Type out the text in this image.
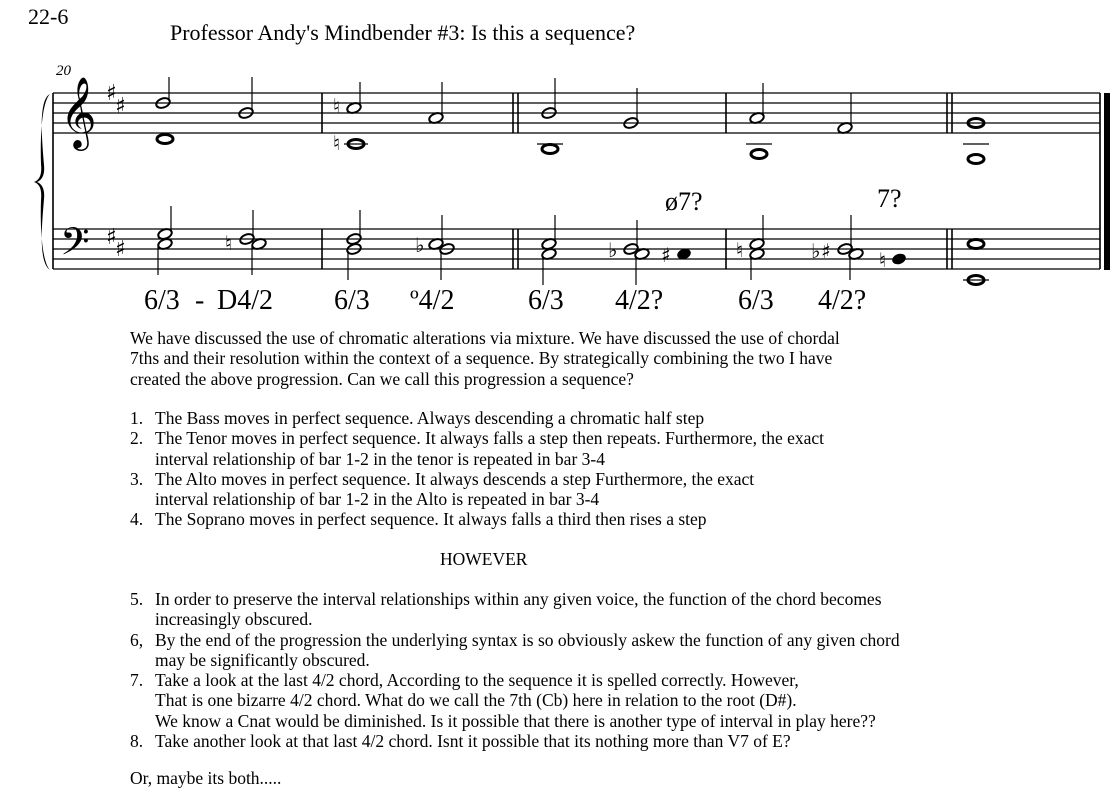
22-6
Professor Andy's Mindbender #3: Is this a sequence?
20
𝄞
𝄢
♯
♯
♯
♯
♮
♮
♮	♭	♭ ♯	♮	♭ ♯ ♮
ø7?	7?
6/3 - D4/2 6/3 º4/2	6/3 4/2?	6/3 4/2?
We have discussed the use of chromatic alterations via mixture. We have discussed the use of chordal
7ths and their resolution within the context of a sequence. By strategically combining the two I have
created the above progression. Can we call this progression a sequence?
1. The Bass moves in perfect sequence. Always descending a chromatic half step
2. The Tenor moves in perfect sequence. It always falls a step then repeats. Furthermore, the exact
interval relationship of bar 1-2 in the tenor is repeated in bar 3-4
3. The Alto moves in perfect sequence. It always descends a step Furthermore, the exact
interval relationship of bar 1-2 in the Alto is repeated in bar 3-4
4. The Soprano moves in perfect sequence. It always falls a third then rises a step
HOWEVER
5. In order to preserve the interval relationships within any given voice, the function of the chord becomes
increasingly obscured.
6, By the end of the progression the underlying syntax is so obviously askew the function of any given chord
may be significantly obscured.
7. Take a look at the last 4/2 chord, According to the sequence it is spelled correctly. However,
That is one bizarre 4/2 chord. What do we call the 7th (Cb) here in relation to the root (D#).
We know a Cnat would be diminished. Is it possible that there is another type of interval in play here??
8. Take another look at that last 4/2 chord. Isnt it possible that its nothing more than V7 of E?
Or, maybe its both.....
